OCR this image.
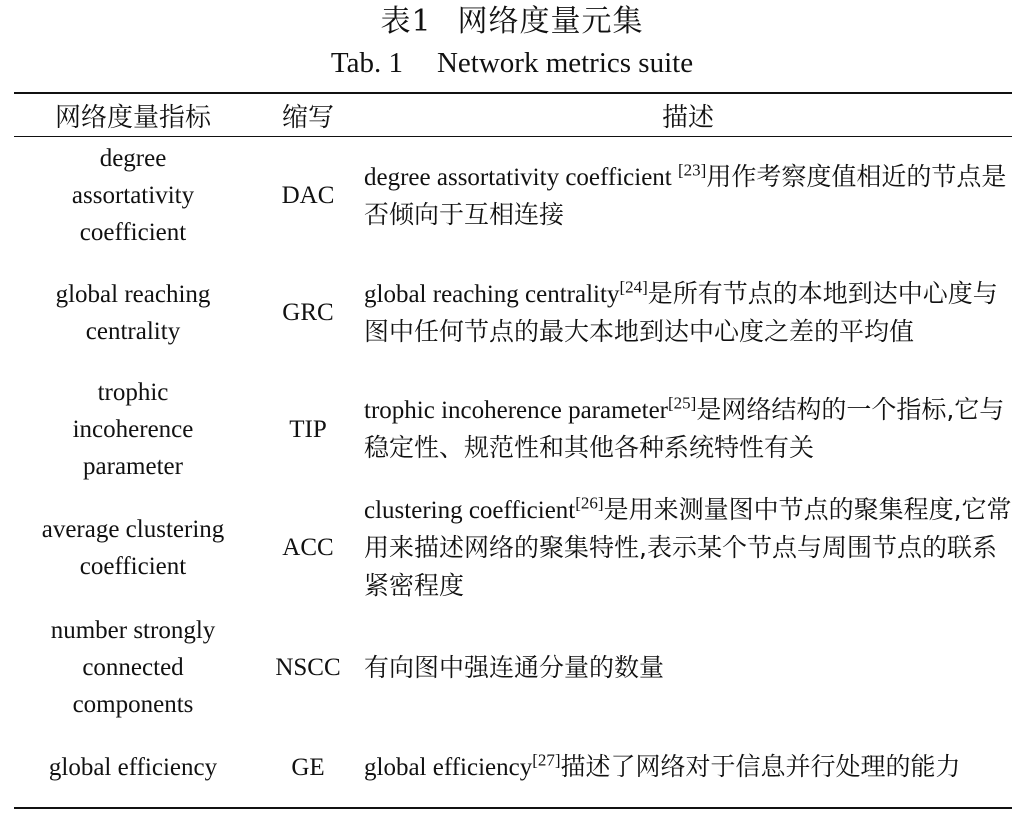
表1 网络度量元集
Tab. 1 Network metrics suite
网络度量指标	缩写	描述
degree assortativity coefficient	DAC	degree assortativity coefficient [23]用作考察度值相近的节点是否倾向于互相连接
global reaching centrality	GRC	global reaching centrality[24]是所有节点的本地到达中心度与图中任何节点的最大本地到达中心度之差的平均值
trophic incoherence parameter	TIP	trophic incoherence parameter[25]是网络结构的一个指标,它与稳定性、规范性和其他各种系统特性有关
average clustering coefficient	ACC	clustering coefficient[26]是用来测量图中节点的聚集程度,它常用来描述网络的聚集特性,表示某个节点与周围节点的联系紧密程度
number strongly connected components	NSCC	有向图中强连通分量的数量
global efficiency	GE	global efficiency[27]描述了网络对于信息并行处理的能力
